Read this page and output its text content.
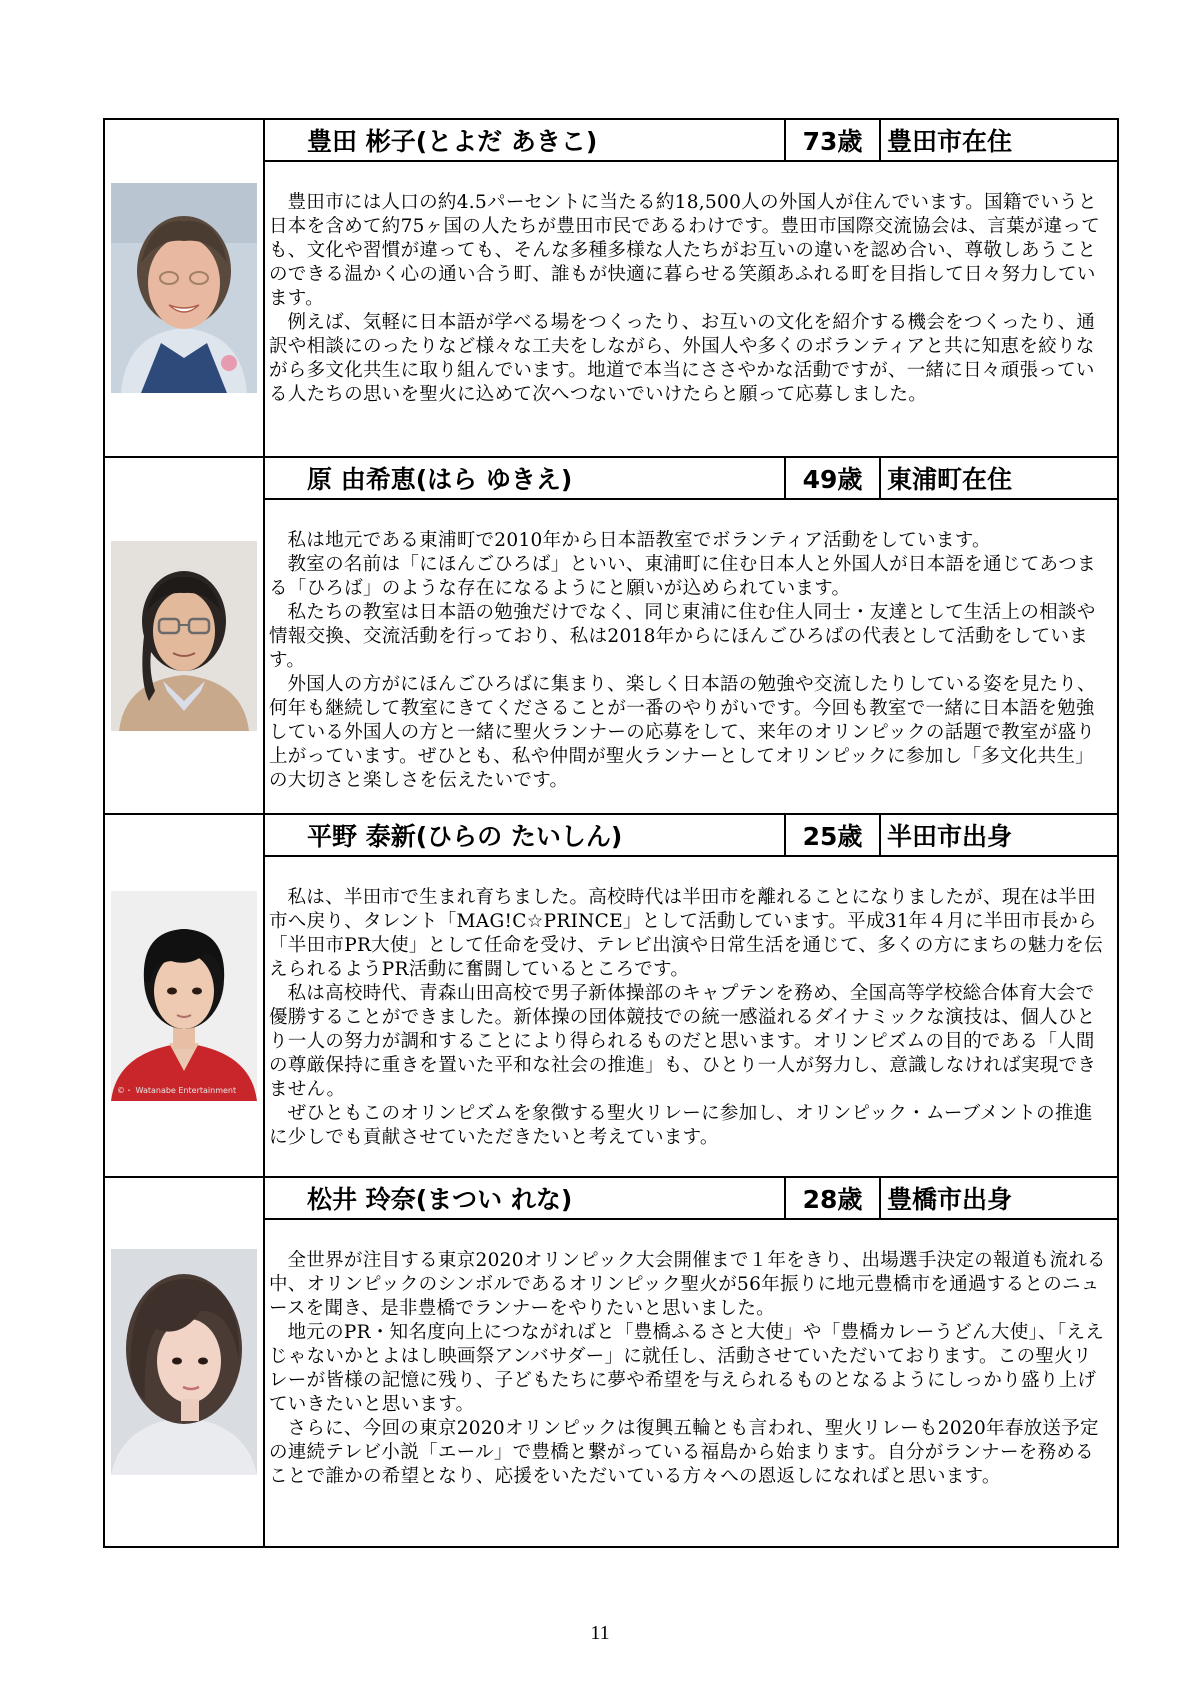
豊田 彬子(とよだ あきこ)	73歳 豊田市在住

豊田市には人口の約4.5パーセントに当たる約18,500人の外国人が住んでいます。国籍でいうと日本を含めて約75ヶ国の人たちが豊田市民であるわけです。豊田市国際交流協会は、言葉が違っても、文化や習慣が違っても、そんな多種多様な人たちがお互いの違いを認め合い、尊敬しあうことのできる温かく心の通い合う町、誰もが快適に暮らせる笑顔あふれる町を目指して日々努力しています。

例えば、気軽に日本語が学べる場をつくったり、お互いの文化を紹介する機会をつくったり、通訳や相談にのったりなど様々な工夫をしながら、外国人や多くのボランティアと共に知恵を絞りながら多文化共生に取り組んでいます。地道で本当にささやかな活動ですが、一緒に日々頑張っている人たちの思いを聖火に込めて次へつないでいけたらと願って応募しました。

原 由希恵(はら ゆきえ)	49歳 東浦町在住

私は地元である東浦町で2010年から日本語教室でボランティア活動をしています。

教室の名前は「にほんごひろば」といい、東浦町に住む日本人と外国人が日本語を通じてあつまる「ひろば」のような存在になるようにと願いが込められています。

私たちの教室は日本語の勉強だけでなく、同じ東浦に住む住人同士・友達として生活上の相談や情報交換、交流活動を行っており、私は2018年からにほんごひろばの代表として活動をしています。

外国人の方がにほんごひろばに集まり、楽しく日本語の勉強や交流したりしている姿を見たり、何年も継続して教室にきてくださることが一番のやりがいです。今回も教室で一緒に日本語を勉強している外国人の方と一緒に聖火ランナーの応募をして、来年のオリンピックの話題で教室が盛り上がっています。ぜひとも、私や仲間が聖火ランナーとしてオリンピックに参加し「多文化共生」の大切さと楽しさを伝えたいです。

©・ Watanabe Entertainment
平野 泰新(ひらの たいしん)	25歳 半田市出身

私は、半田市で生まれ育ちました。高校時代は半田市を離れることになりましたが、現在は半田市へ戻り、タレント「MAG!C☆PRINCE」として活動しています。平成31年４月に半田市長から「半田市PR大使」として任命を受け、テレビ出演や日常生活を通じて、多くの方にまちの魅力を伝えられるようPR活動に奮闘しているところです。

私は高校時代、青森山田高校で男子新体操部のキャプテンを務め、全国高等学校総合体育大会で優勝することができました。新体操の団体競技での統一感溢れるダイナミックな演技は、個人ひとり一人の努力が調和することにより得られるものだと思います。オリンピズムの目的である「人間の尊厳保持に重きを置いた平和な社会の推進」も、ひとり一人が努力し、意識しなければ実現できません。

ぜひともこのオリンピズムを象徴する聖火リレーに参加し、オリンピック・ムーブメントの推進に少しでも貢献させていただきたいと考えています。

松井 玲奈(まつい れな)	28歳 豊橋市出身

全世界が注目する東京2020オリンピック大会開催まで１年をきり、出場選手決定の報道も流れる中、オリンピックのシンボルであるオリンピック聖火が56年振りに地元豊橋市を通過するとのニュースを聞き、是非豊橋でランナーをやりたいと思いました。

地元のPR・知名度向上につながればと「豊橋ふるさと大使」や「豊橋カレーうどん大使」、「ええじゃないかとよはし映画祭アンバサダー」に就任し、活動させていただいております。この聖火リレーが皆様の記憶に残り、子どもたちに夢や希望を与えられるものとなるようにしっかり盛り上げていきたいと思います。

さらに、今回の東京2020オリンピックは復興五輪とも言われ、聖火リレーも2020年春放送予定の連続テレビ小説「エール」で豊橋と繋がっている福島から始まります。自分がランナーを務めることで誰かの希望となり、応援をいただいている方々への恩返しになればと思います。

11
